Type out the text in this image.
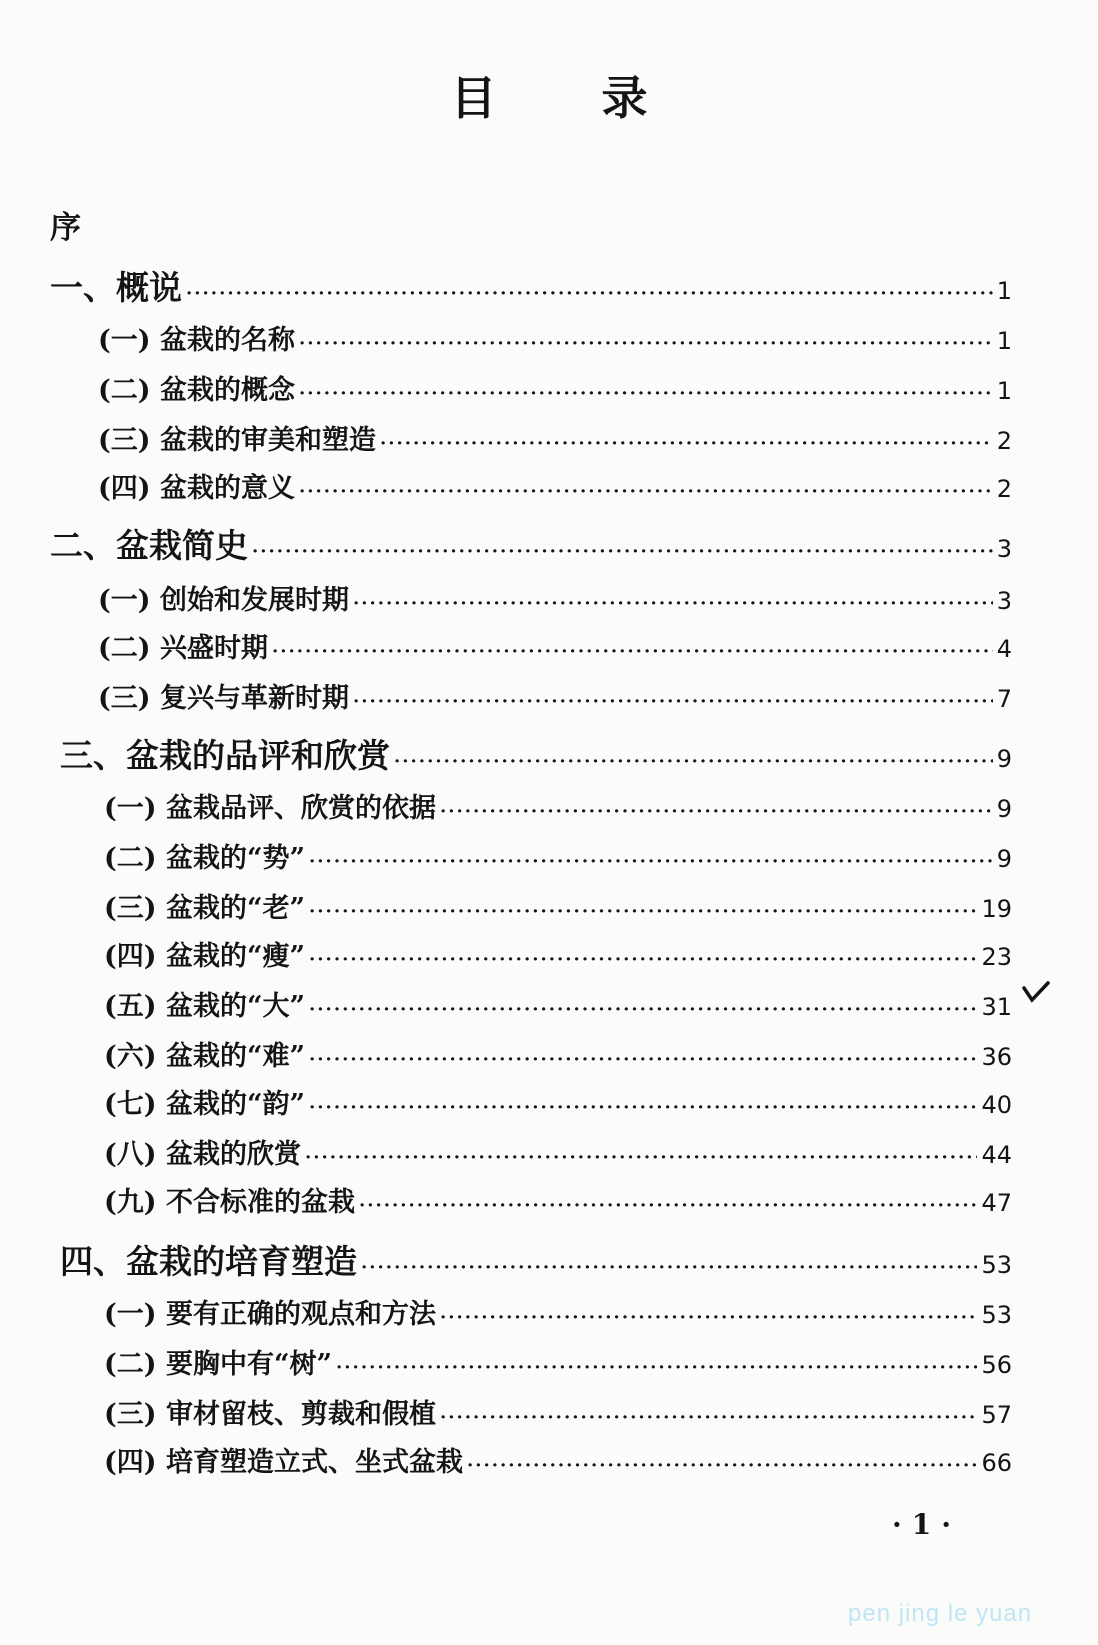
目 录
序
一、概说 ·····	1
(一) 盆栽的名称 ·····	1
(二) 盆栽的概念 ·····	1
(三) 盆栽的审美和塑造 ·····	2
(四) 盆栽的意义 ·····	2
二、盆栽简史 ·····	3
(一) 创始和发展时期 ·····	3
(二) 兴盛时期 ·····	4
(三) 复兴与革新时期 ·····	7
三、盆栽的品评和欣赏 ·····	9
(一) 盆栽品评、欣赏的依据 ·····	9
(二) 盆栽的“势” ·····	9
(三) 盆栽的“老” ·····	19
(四) 盆栽的“瘦” ·····	23
(五) 盆栽的“大” ·····	31
(六) 盆栽的“难” ·····	36
(七) 盆栽的“韵” ·····	40
(八) 盆栽的欣赏 ·····	44
(九) 不合标准的盆栽 ·····	47
四、盆栽的培育塑造 ·····	53
(一) 要有正确的观点和方法 ·····	53
(二) 要胸中有“树” ·····	56
(三) 审材留枝、剪裁和假植 ·····	57
(四) 培育塑造立式、坐式盆栽 ·····	66
·1·
pen jing le yuan
